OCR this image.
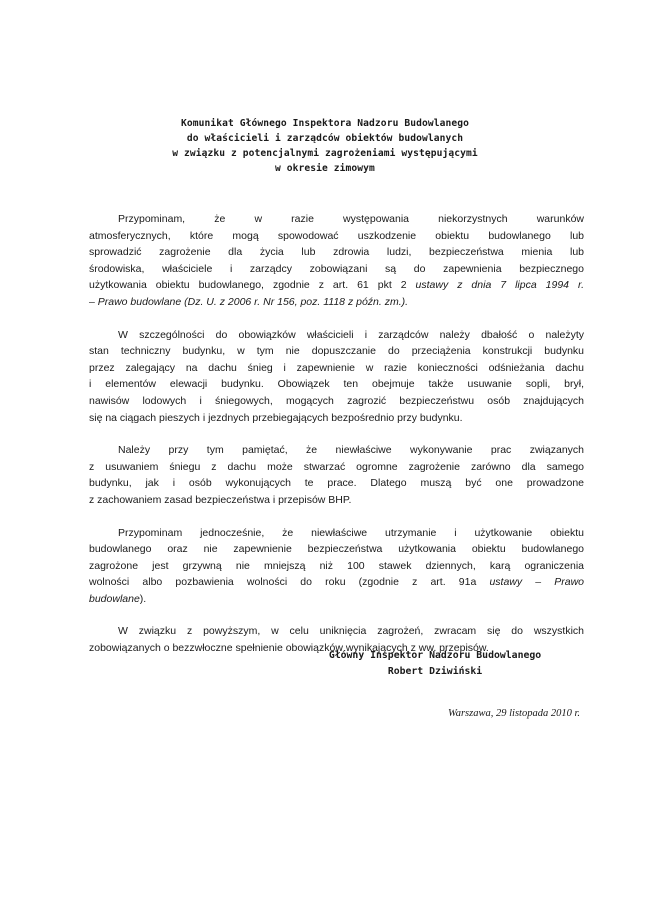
Komunikat Głównego Inspektora Nadzoru Budowlanego
do właścicieli i zarządców obiektów budowlanych
w związku z potencjalnymi zagrożeniami występującymi
w okresie zimowym
Przypominam, że w razie występowania niekorzystnych warunków
atmosferycznych, które mogą spowodować uszkodzenie obiektu budowlanego lub
sprowadzić zagrożenie dla życia lub zdrowia ludzi, bezpieczeństwa mienia lub
środowiska, właściciele i zarządcy zobowiązani są do zapewnienia bezpiecznego
użytkowania obiektu budowlanego, zgodnie z art. 61 pkt 2 ustawy z dnia 7 lipca 1994 r.
– Prawo budowlane (Dz. U. z 2006 r. Nr 156, poz. 1118 z późn. zm.).
W szczególności do obowiązków właścicieli i zarządców należy dbałość o należyty
stan techniczny budynku, w tym nie dopuszczanie do przeciążenia konstrukcji budynku
przez zalegający na dachu śnieg i zapewnienie w razie konieczności odśnieżania dachu
i elementów elewacji budynku. Obowiązek ten obejmuje także usuwanie sopli, brył,
nawisów lodowych i śniegowych, mogących zagrozić bezpieczeństwu osób znajdujących
się na ciągach pieszych i jezdnych przebiegających bezpośrednio przy budynku.
Należy przy tym pamiętać, że niewłaściwe wykonywanie prac związanych
z usuwaniem śniegu z dachu może stwarzać ogromne zagrożenie zarówno dla samego
budynku, jak i osób wykonujących te prace. Dlatego muszą być one prowadzone
z zachowaniem zasad bezpieczeństwa i przepisów BHP.
Przypominam jednocześnie, że niewłaściwe utrzymanie i użytkowanie obiektu
budowlanego oraz nie zapewnienie bezpieczeństwa użytkowania obiektu budowlanego
zagrożone jest grzywną nie mniejszą niż 100 stawek dziennych, karą ograniczenia
wolności albo pozbawienia wolności do roku (zgodnie z art. 91a ustawy – Prawo
budowlane).
W związku z powyższym, w celu uniknięcia zagrożeń, zwracam się do wszystkich
zobowiązanych o bezzwłoczne spełnienie obowiązków wynikających z ww. przepisów.
Główny Inspektor Nadzoru Budowlanego
Robert Dziwiński
Warszawa, 29 listopada 2010 r.
